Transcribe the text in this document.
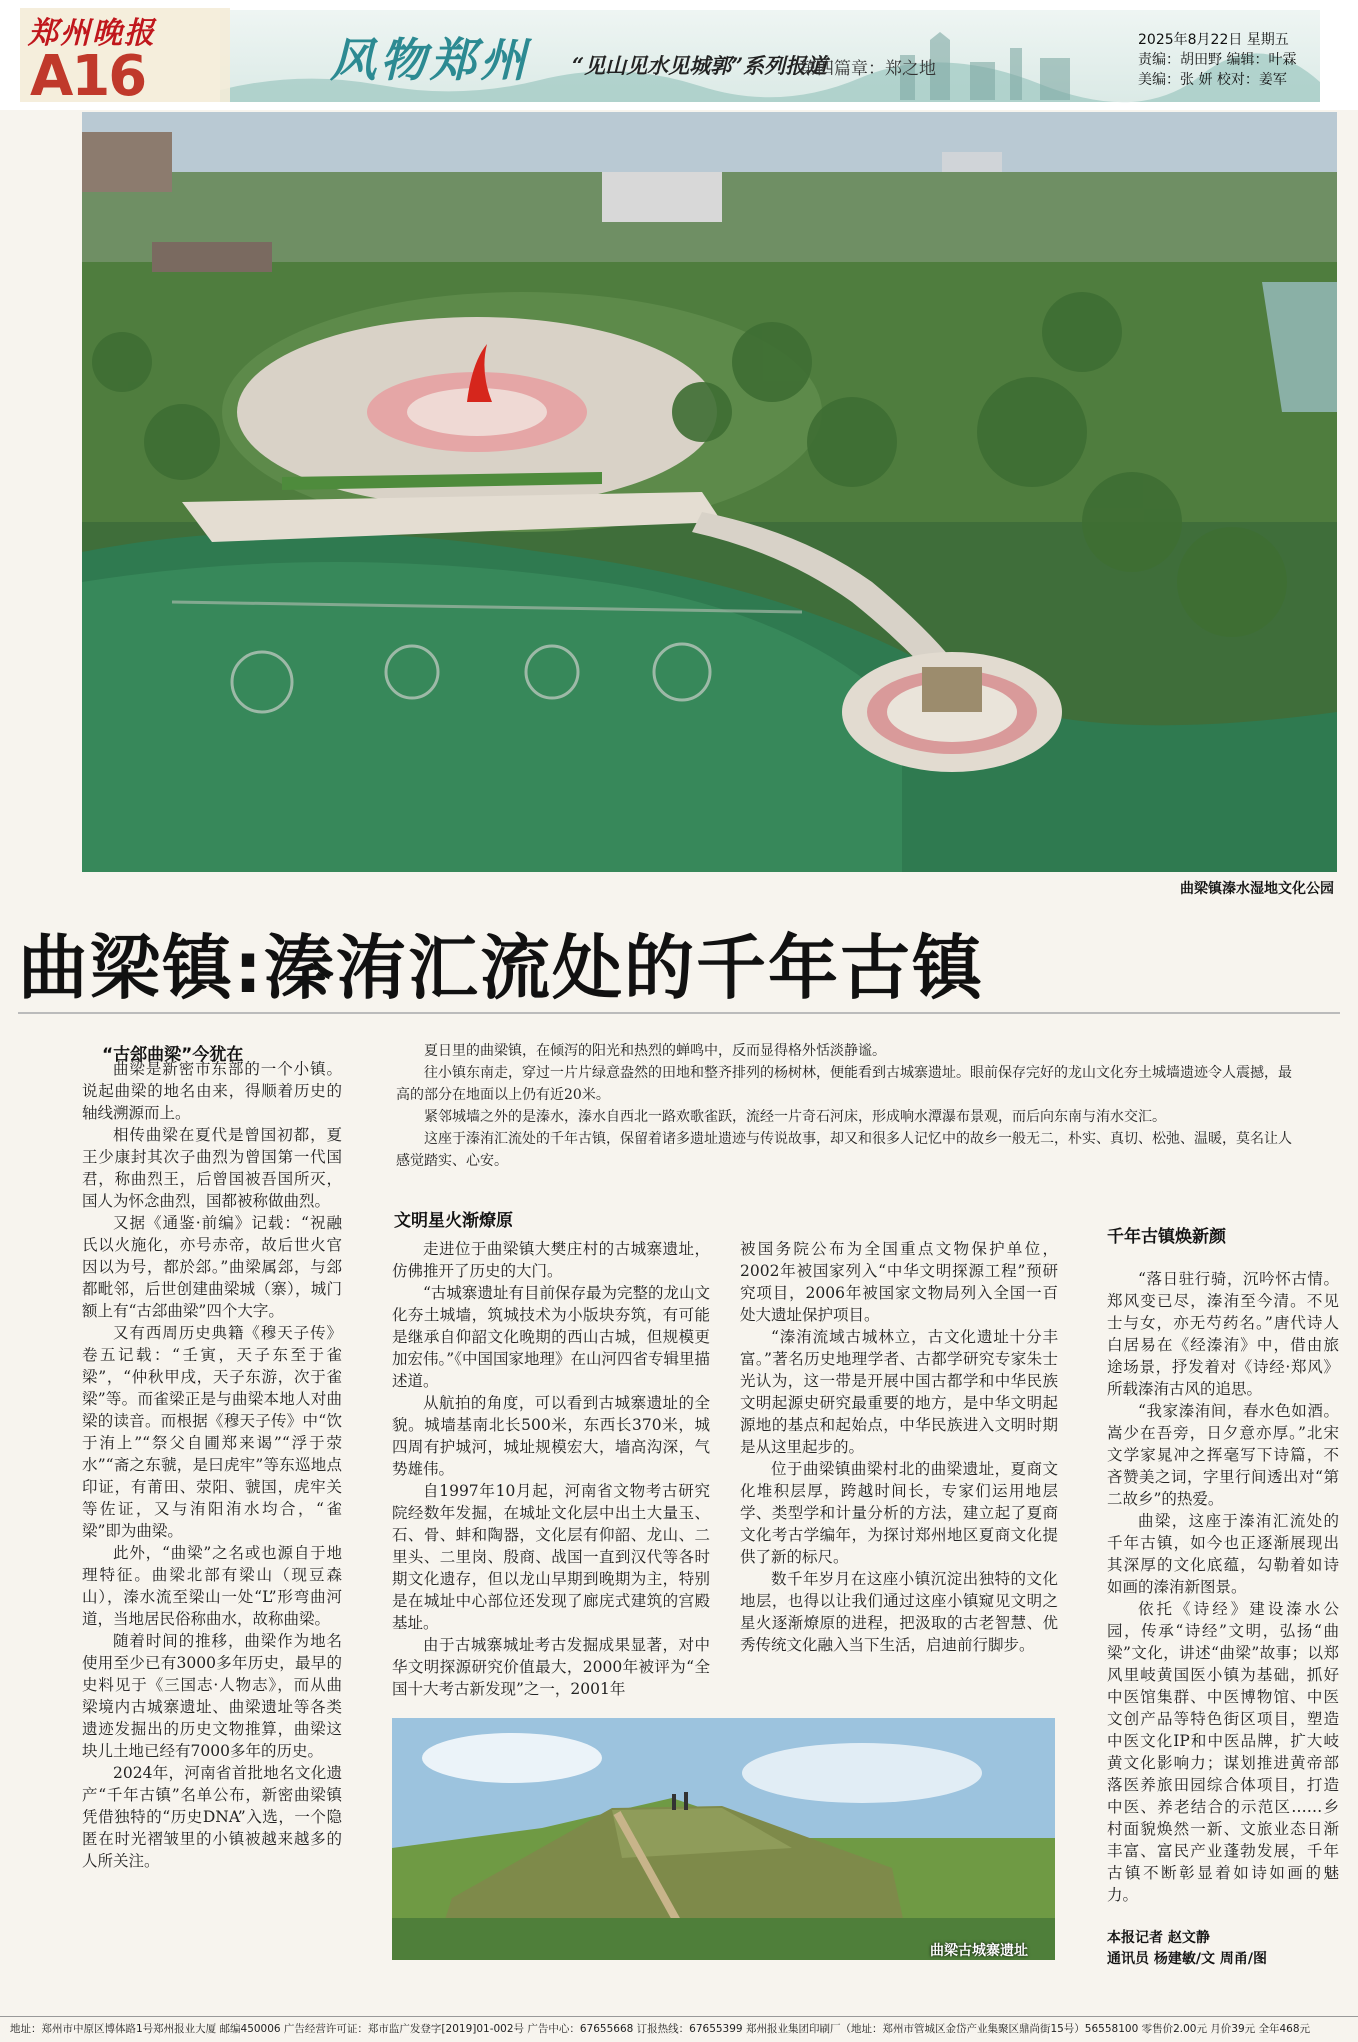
郑州晚报
A16	风物郑州 “见山见水见城郭”系列报道
第四篇章：郑之地
2025年8月22日 星期五
责编：胡田野 编辑：叶霖
美编：张 妍 校对：姜军
曲梁镇溱水湿地文化公园
曲梁镇:溱洧汇流处的千年古镇

夏日里的曲梁镇，在倾泻的阳光和热烈的蝉鸣中，反而显得格外恬淡静谧。

往小镇东南走，穿过一片片绿意盎然的田地和整齐排列的杨树林，便能看到古城寨遗址。眼前保存完好的龙山文化夯土城墙遗迹令人震撼，最高的部分在地面以上仍有近20米。

紧邻城墙之外的是溱水，溱水自西北一路欢歌雀跃，流经一片奇石河床，形成响水潭瀑布景观，而后向东南与洧水交汇。

这座于溱洧汇流处的千年古镇，保留着诸多遗址遗迹与传说故事，却又和很多人记忆中的故乡一般无二，朴实、真切、松弛、温暖，莫名让人感觉踏实、心安。

“古郐曲梁”今犹在

曲梁是新密市东部的一个小镇。说起曲梁的地名由来，得顺着历史的轴线溯源而上。

相传曲梁在夏代是曾国初都，夏王少康封其次子曲烈为曾国第一代国君，称曲烈王，后曾国被吾国所灭，国人为怀念曲烈，国都被称做曲烈。

又据《通鉴·前编》记载：“祝融氏以火施化，亦号赤帝，故后世火官因以为号，都於郐。”曲梁属郐，与郐都毗邻，后世创建曲梁城（寨），城门额上有“古郐曲梁”四个大字。

又有西周历史典籍《穆天子传》卷五记载：“壬寅，天子东至于雀梁”，“仲秋甲戌，天子东游，次于雀梁”等。而雀梁正是与曲梁本地人对曲梁的读音。而根据《穆天子传》中“饮于洧上”“祭父自圃郑来谒”“浮于荥水”“斋之东虢，是曰虎牢”等东巡地点印证，有莆田、荥阳、虢国，虎牢关等佐证，又与洧阳洧水均合，“雀梁”即为曲梁。

此外，“曲梁”之名或也源自于地理特征。曲梁北部有梁山（现豆森山），溱水流至梁山一处“L”形弯曲河道，当地居民俗称曲水，故称曲梁。

随着时间的推移，曲梁作为地名使用至少已有3000多年历史，最早的史料见于《三国志·人物志》，而从曲梁境内古城寨遗址、曲梁遗址等各类遗迹发掘出的历史文物推算，曲梁这块儿土地已经有7000多年的历史。

2024年，河南省首批地名文化遗产“千年古镇”名单公布，新密曲梁镇凭借独特的“历史DNA”入选，一个隐匿在时光褶皱里的小镇被越来越多的人所关注。

文明星火渐燎原

走进位于曲梁镇大樊庄村的古城寨遗址，仿佛推开了历史的大门。

“古城寨遗址有目前保存最为完整的龙山文化夯土城墙，筑城技术为小版块夯筑，有可能是继承自仰韶文化晚期的西山古城，但规模更加宏伟。”《中国国家地理》在山河四省专辑里描述道。

从航拍的角度，可以看到古城寨遗址的全貌。城墙基南北长500米，东西长370米，城四周有护城河，城址规模宏大，墙高沟深，气势雄伟。

自1997年10月起，河南省文物考古研究院经数年发掘，在城址文化层中出土大量玉、石、骨、蚌和陶器，文化层有仰韶、龙山、二里头、二里岗、殷商、战国一直到汉代等各时期文化遗存，但以龙山早期到晚期为主，特别是在城址中心部位还发现了廊庑式建筑的宫殿基址。

由于古城寨城址考古发掘成果显著，对中华文明探源研究价值最大，2000年被评为“全国十大考古新发现”之一，2001年

被国务院公布为全国重点文物保护单位，2002年被国家列入“中华文明探源工程”预研究项目，2006年被国家文物局列入全国一百处大遗址保护项目。

“溱洧流域古城林立，古文化遗址十分丰富。”著名历史地理学者、古都学研究专家朱士光认为，这一带是开展中国古都学和中华民族文明起源史研究最重要的地方，是中华文明起源地的基点和起始点，中华民族进入文明时期是从这里起步的。

位于曲梁镇曲梁村北的曲梁遗址，夏商文化堆积层厚，跨越时间长，专家们运用地层学、类型学和计量分析的方法，建立起了夏商文化考古学编年，为探讨郑州地区夏商文化提供了新的标尺。

数千年岁月在这座小镇沉淀出独特的文化地层，也得以让我们通过这座小镇窥见文明之星火逐渐燎原的进程，把汲取的古老智慧、优秀传统文化融入当下生活，启迪前行脚步。

曲梁古城寨遗址
千年古镇焕新颜

“落日驻行骑，沉吟怀古情。郑风变已尽，溱洧至今清。不见士与女，亦无芍药名。”唐代诗人白居易在《经溱洧》中，借由旅途场景，抒发着对《诗经·郑风》所载溱洧古风的追思。

“我家溱洧间，春水色如酒。嵩少在吾旁，日夕意亦厚。”北宋文学家晁冲之挥毫写下诗篇，不吝赞美之词，字里行间透出对“第二故乡”的热爱。

曲梁，这座于溱洧汇流处的千年古镇，如今也正逐渐展现出其深厚的文化底蕴，勾勒着如诗如画的溱洧新图景。

依托《诗经》建设溱水公园，传承“诗经”文明，弘扬“曲梁”文化，讲述“曲梁”故事；以郑风里岐黄国医小镇为基础，抓好中医馆集群、中医博物馆、中医文创产品等特色街区项目，塑造中医文化IP和中医品牌，扩大岐黄文化影响力；谋划推进黄帝部落医养旅田园综合体项目，打造中医、养老结合的示范区……乡村面貌焕然一新、文旅业态日渐丰富、富民产业蓬勃发展，千年古镇不断彰显着如诗如画的魅力。

本报记者 赵文静
通讯员 杨建敏/文 周甬/图
地址：郑州市中原区博体路1号郑州报业大厦 邮编450006 广告经营许可证：郑市监广发登字[2019]01-002号 广告中心：67655668 订报热线：67655399 郑州报业集团印刷厂（地址：郑州市管城区金岱产业集聚区鼎尚街15号）56558100 零售价2.00元 月价39元 全年468元
